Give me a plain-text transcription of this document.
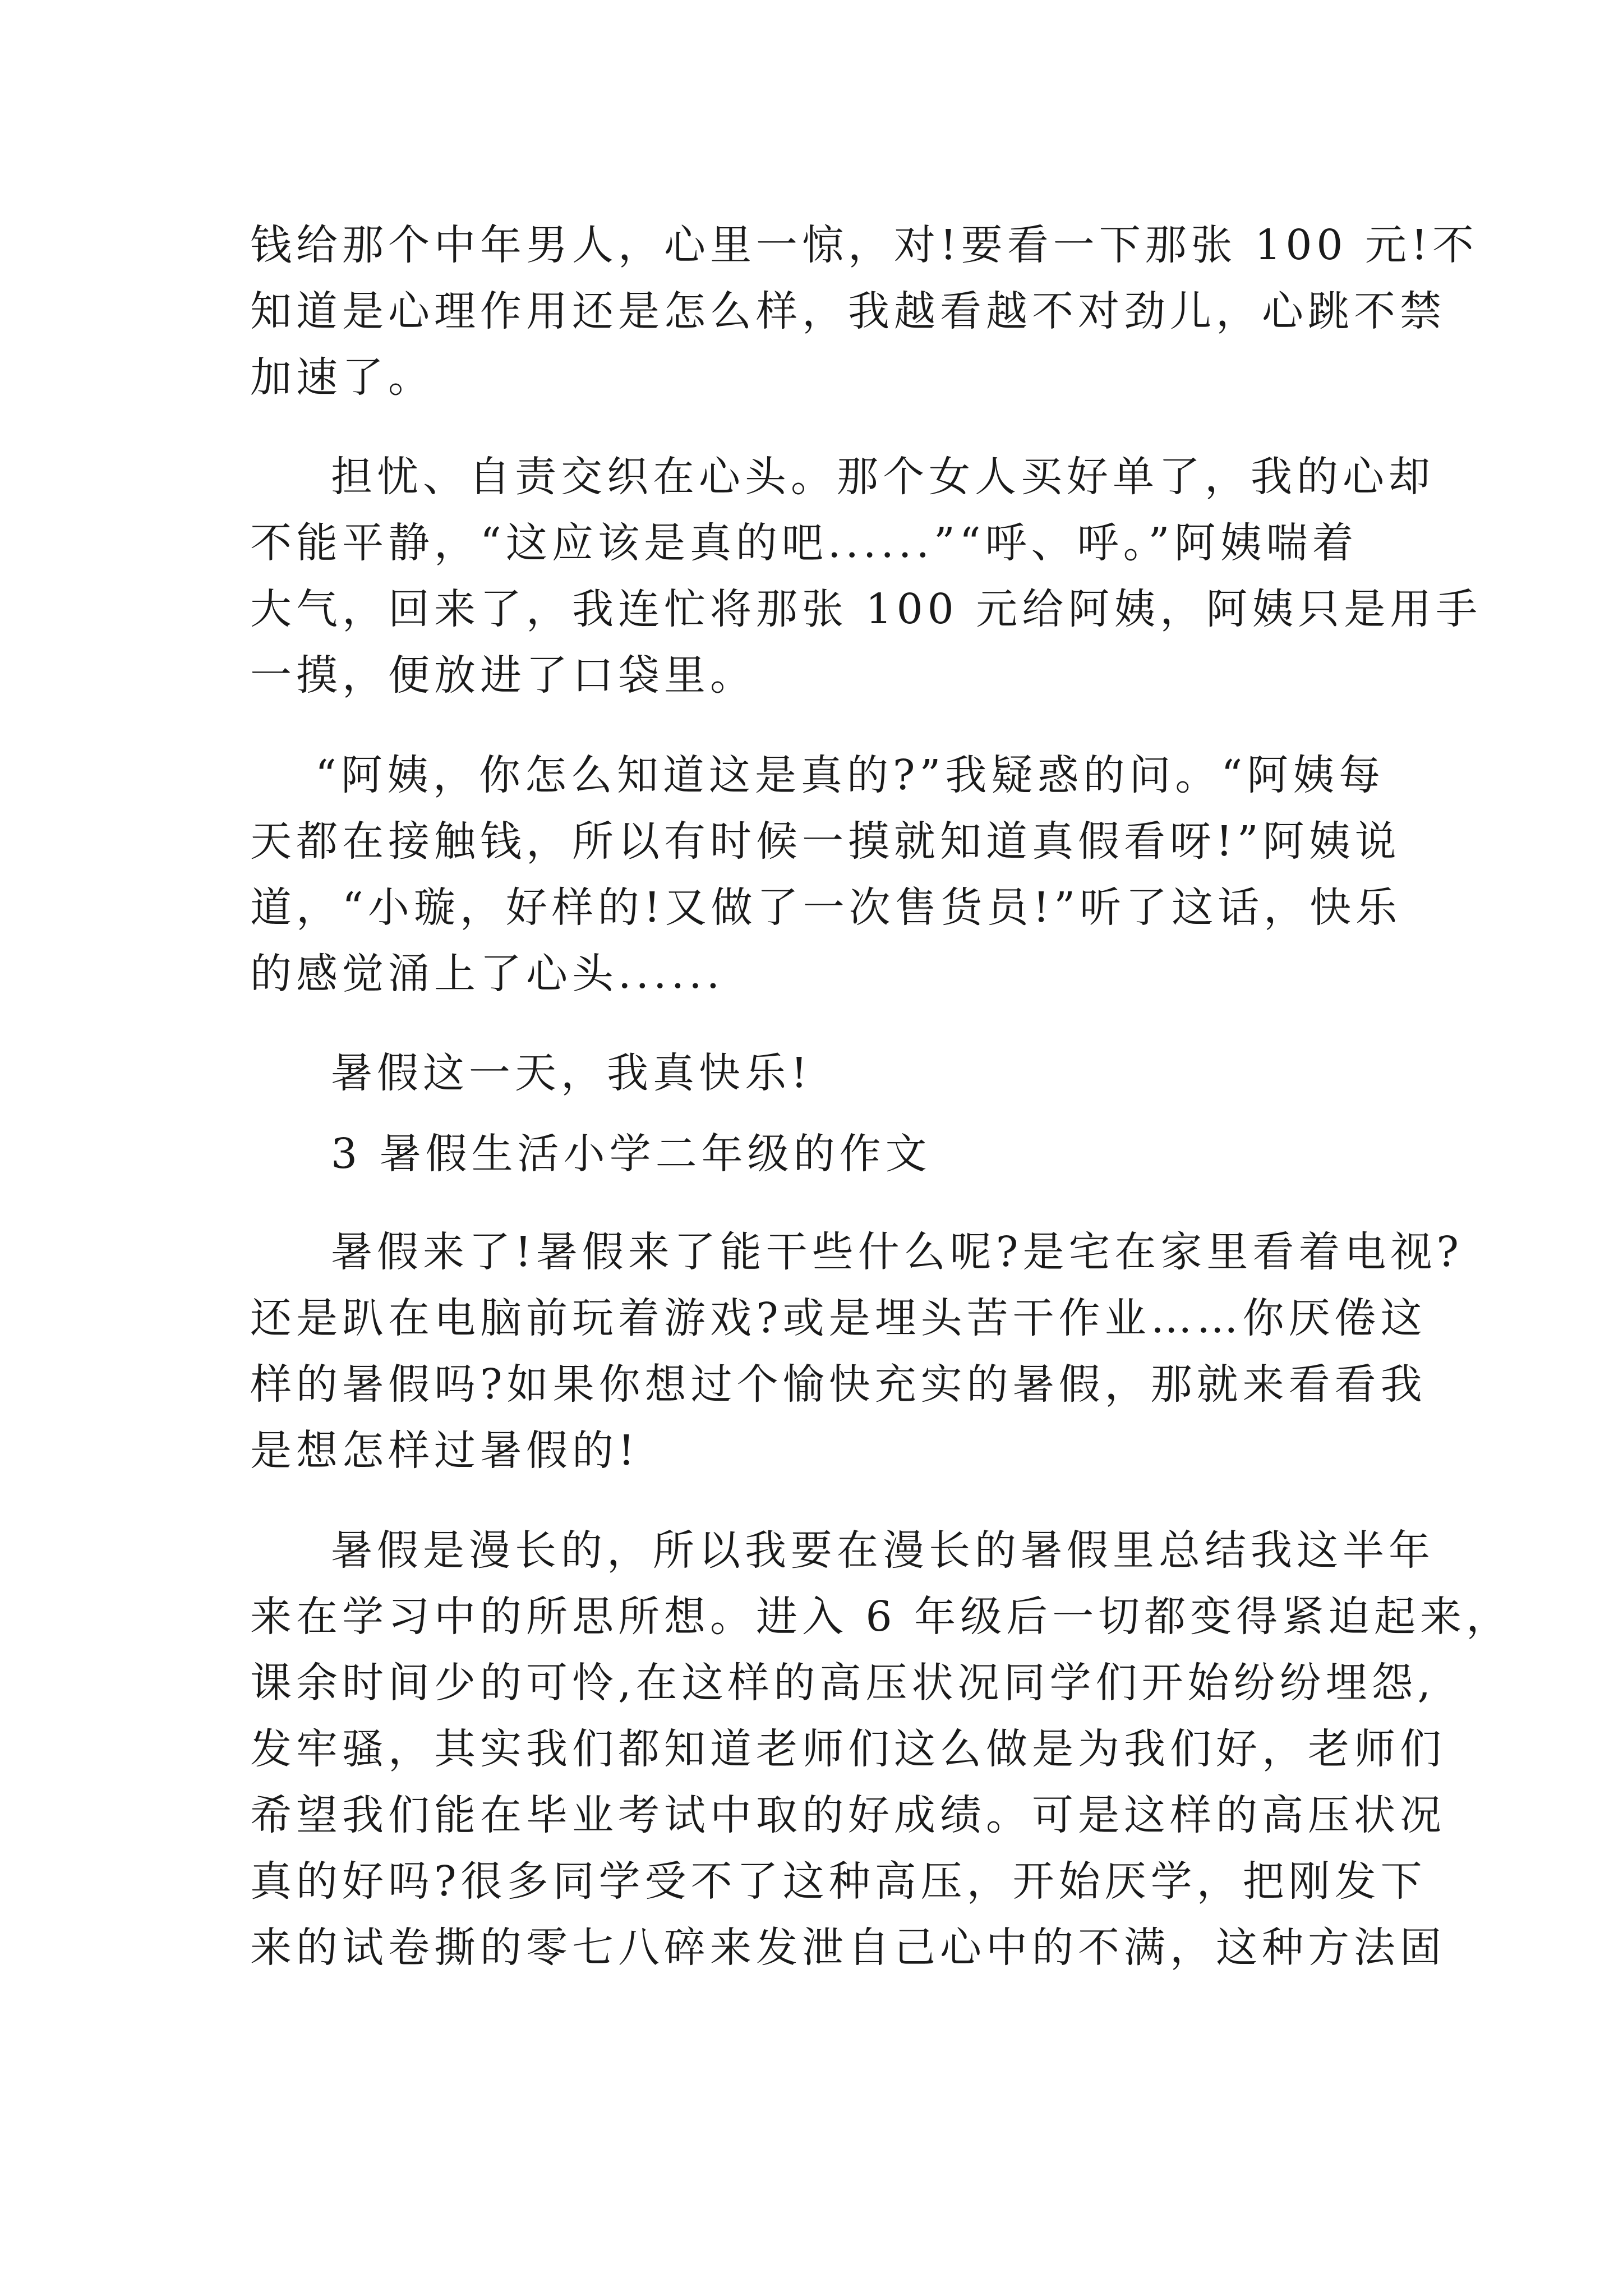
钱给那个中年男人，心里一惊，对!要看一下那张 100 元!不
知道是心理作用还是怎么样，我越看越不对劲儿，心跳不禁
加速了。
担忧、自责交织在心头。那个女人买好单了，我的心却
不能平静，“这应该是真的吧......”“呼、呼。”阿姨喘着
大气，回来了，我连忙将那张 100 元给阿姨，阿姨只是用手
一摸，便放进了口袋里。
“阿姨，你怎么知道这是真的?”我疑惑的问。“阿姨每
天都在接触钱，所以有时候一摸就知道真假看呀!”阿姨说
道，“小璇，好样的!又做了一次售货员!”听了这话，快乐
的感觉涌上了心头......
暑假这一天，我真快乐!
3 暑假生活小学二年级的作文
暑假来了!暑假来了能干些什么呢?是宅在家里看着电视?
还是趴在电脑前玩着游戏?或是埋头苦干作业……你厌倦这
样的暑假吗?如果你想过个愉快充实的暑假，那就来看看我
是想怎样过暑假的!
暑假是漫长的，所以我要在漫长的暑假里总结我这半年
来在学习中的所思所想。进入 6 年级后一切都变得紧迫起来，
课余时间少的可怜,在这样的高压状况同学们开始纷纷埋怨,
发牢骚，其实我们都知道老师们这么做是为我们好，老师们
希望我们能在毕业考试中取的好成绩。可是这样的高压状况
真的好吗?很多同学受不了这种高压，开始厌学，把刚发下
来的试卷撕的零七八碎来发泄自己心中的不满，这种方法固
